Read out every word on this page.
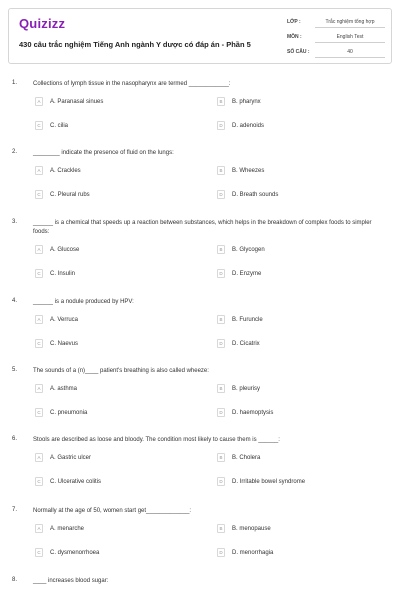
Quizizz
430 câu trắc nghiệm Tiếng Anh ngành Y dược có đáp án - Phần 5
LỚP :	Trắc nghiệm tổng hợp
MÔN :	English Test
SỐ CÂU :	40
1.	Collections of lymph tissue in the nasopharynx are termed ____________:
A	A. Paranasal sinues	B	B. pharynx
C	C. cilia	D	D. adenoids
2.	________ indicate the presence of fluid on the lungs:
A	A. Crackles	B	B. Wheezes
C	C. Pleural rubs	D	D. Breath sounds
3.	______ is a chemical that speeds up a reaction between substances, which helps in the breakdown of complex foods to simpler foods:
A	A. Glucose	B	B. Glycogen
C	C. Insulin	D	D. Enzyme
4.	______ is a nodule produced by HPV:
A	A. Verruca	B	B. Furuncle
C	C. Naevus	D	D. Cicatrix
5.	The sounds of a (n)____ patient's breathing is also called wheeze:
A	A. asthma	B	B. pleurisy
C	C. pneumonia	D	D. haemoptysis
6.	Stools are described as loose and bloody. The condition most likely to cause them is ______:
A	A. Gastric ulcer	B	B. Cholera
C	C. Ulcerative colitis	D	D. Irritable bowel syndrome
7.	Normally at the age of 50, women start get_____________:
A	A. menarche	B	B. menopause
C	C. dysmenorrhoea	D	D. menorrhagia
8.	____ increases blood sugar:
